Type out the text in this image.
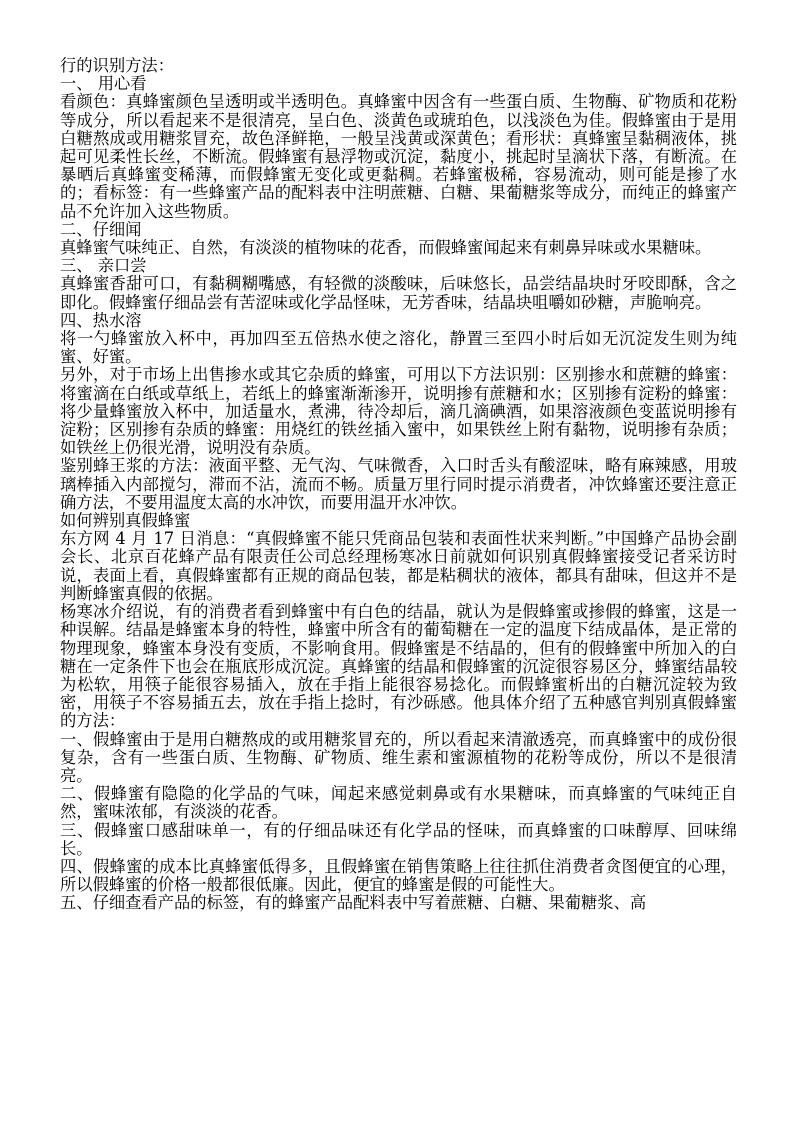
行的识别方法：

一、 用心看

看颜色：真蜂蜜颜色呈透明或半透明色。真蜂蜜中因含有一些蛋白质、生物酶、矿物质和花粉等成分，所以看起来不是很清亮，呈白色、淡黄色或琥珀色，以浅淡色为佳。假蜂蜜由于是用白糖熬成或用糖浆冒充，故色泽鲜艳，一般呈浅黄或深黄色；看形状：真蜂蜜呈黏稠液体，挑起可见柔性长丝，不断流。假蜂蜜有悬浮物或沉淀，黏度小，挑起时呈滴状下落，有断流。在暴晒后真蜂蜜变稀薄，而假蜂蜜无变化或更黏稠。若蜂蜜极稀，容易流动，则可能是掺了水的；看标签：有一些蜂蜜产品的配料表中注明蔗糖、白糖、果葡糖浆等成分，而纯正的蜂蜜产品不允许加入这些物质。

二、仔细闻

真蜂蜜气味纯正、自然，有淡淡的植物味的花香，而假蜂蜜闻起来有刺鼻异味或水果糖味。

三、 亲口尝

真蜂蜜香甜可口，有黏稠糊嘴感，有轻微的淡酸味，后味悠长，品尝结晶块时牙咬即酥，含之即化。假蜂蜜仔细品尝有苦涩味或化学品怪味，无芳香味，结晶块咀嚼如砂糖，声脆响亮。

四、热水溶

将一勺蜂蜜放入杯中，再加四至五倍热水使之溶化，静置三至四小时后如无沉淀发生则为纯蜜、好蜜。

另外，对于市场上出售掺水或其它杂质的蜂蜜，可用以下方法识别：区别掺水和蔗糖的蜂蜜：将蜜滴在白纸或草纸上，若纸上的蜂蜜渐渐渗开，说明掺有蔗糖和水；区别掺有淀粉的蜂蜜：将少量蜂蜜放入杯中，加适量水，煮沸，待冷却后，滴几滴碘酒，如果溶液颜色变蓝说明掺有淀粉；区别掺有杂质的蜂蜜：用烧红的铁丝插入蜜中，如果铁丝上附有黏物，说明掺有杂质；如铁丝上仍很光滑，说明没有杂质。

鉴别蜂王浆的方法：液面平整、无气沟、气味微香，入口时舌头有酸涩味，略有麻辣感，用玻璃棒插入内部搅匀，滞而不沾，流而不畅。质量万里行同时提示消费者，冲饮蜂蜜还要注意正确方法，不要用温度太高的水冲饮，而要用温开水冲饮。

如何辨别真假蜂蜜

东方网 4 月 17 日消息：“真假蜂蜜不能只凭商品包装和表面性状来判断。”中国蜂产品协会副会长、北京百花蜂产品有限责任公司总经理杨寒冰日前就如何识别真假蜂蜜接受记者采访时说，表面上看，真假蜂蜜都有正规的商品包装，都是粘稠状的液体，都具有甜味，但这并不是判断蜂蜜真假的依据。

杨寒冰介绍说，有的消费者看到蜂蜜中有白色的结晶，就认为是假蜂蜜或掺假的蜂蜜，这是一种误解。结晶是蜂蜜本身的特性，蜂蜜中所含有的葡萄糖在一定的温度下结成晶体，是正常的物理现象，蜂蜜本身没有变质，不影响食用。假蜂蜜是不结晶的，但有的假蜂蜜中所加入的白糖在一定条件下也会在瓶底形成沉淀。真蜂蜜的结晶和假蜂蜜的沉淀很容易区分，蜂蜜结晶较为松软，用筷子能很容易插入，放在手指上能很容易捻化。而假蜂蜜析出的白糖沉淀较为致密，用筷子不容易插五去，放在手指上捻时，有沙砾感。他具体介绍了五种感官判别真假蜂蜜的方法：

一、假蜂蜜由于是用白糖熬成的或用糖浆冒充的，所以看起来清澈透亮，而真蜂蜜中的成份很复杂，含有一些蛋白质、生物酶、矿物质、维生素和蜜源植物的花粉等成份，所以不是很清亮。

二、假蜂蜜有隐隐的化学品的气味，闻起来感觉刺鼻或有水果糖味，而真蜂蜜的气味纯正自然，蜜味浓郁，有淡淡的花香。

三、假蜂蜜口感甜味单一，有的仔细品味还有化学品的怪味，而真蜂蜜的口味醇厚、回味绵长。

四、假蜂蜜的成本比真蜂蜜低得多，且假蜂蜜在销售策略上往往抓住消费者贪图便宜的心理，所以假蜂蜜的价格一般都很低廉。因此，便宜的蜂蜜是假的可能性大。

五、仔细查看产品的标签，有的蜂蜜产品配料表中写着蔗糖、白糖、果葡糖浆、高
